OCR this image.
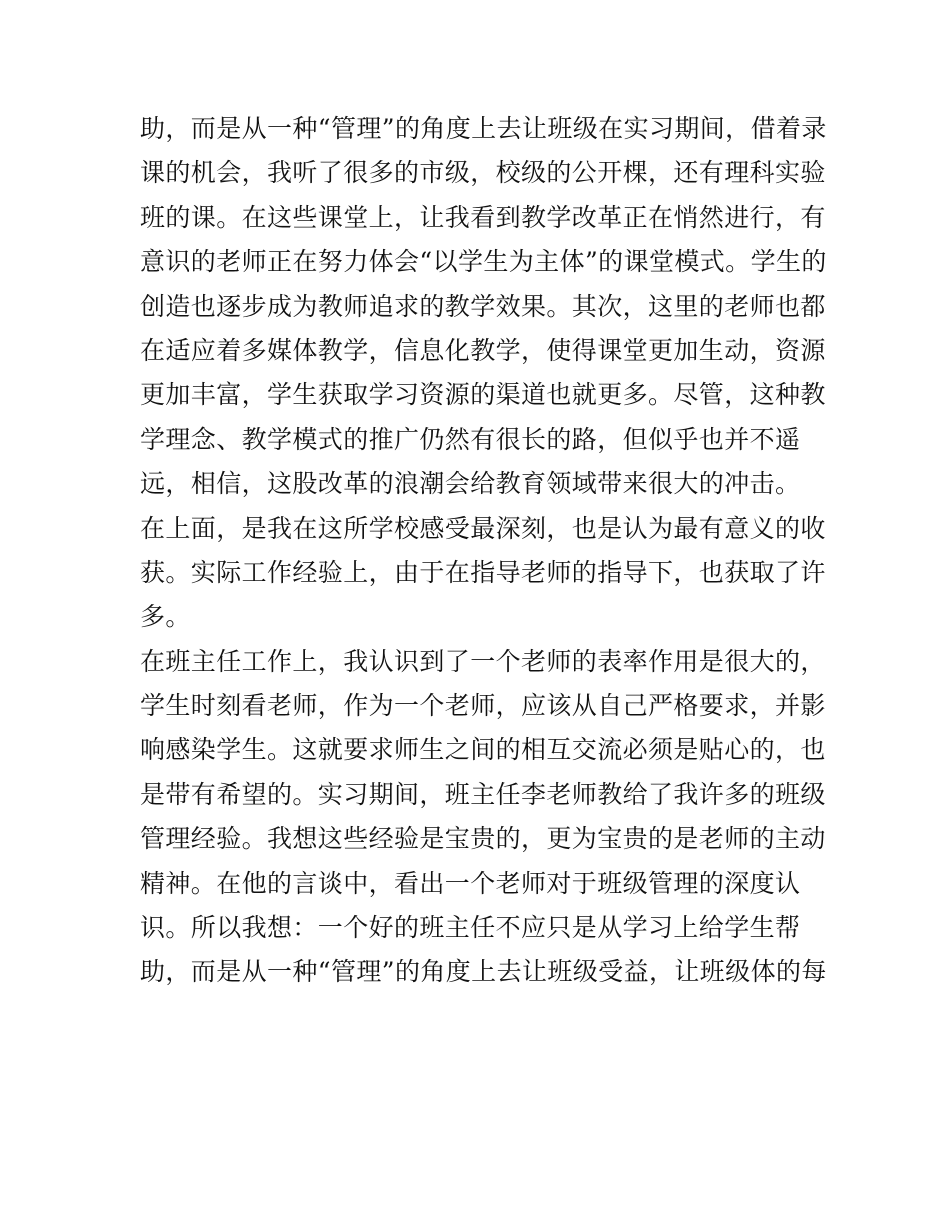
助，而是从一种“管理”的角度上去让班级在实习期间，借着录
课的机会，我听了很多的市级，校级的公开棵，还有理科实验
班的课。在这些课堂上，让我看到教学改革正在悄然进行，有
意识的老师正在努力体会“以学生为主体”的课堂模式。学生的
创造也逐步成为教师追求的教学效果。其次，这里的老师也都
在适应着多媒体教学，信息化教学，使得课堂更加生动，资源
更加丰富，学生获取学习资源的渠道也就更多。尽管，这种教
学理念、教学模式的推广仍然有很长的路，但似乎也并不遥
远，相信，这股改革的浪潮会给教育领域带来很大的冲击。
在上面，是我在这所学校感受最深刻，也是认为最有意义的收
获。实际工作经验上，由于在指导老师的指导下，也获取了许
多。
在班主任工作上，我认识到了一个老师的表率作用是很大的，
学生时刻看老师，作为一个老师，应该从自己严格要求，并影
响感染学生。这就要求师生之间的相互交流必须是贴心的，也
是带有希望的。实习期间，班主任李老师教给了我许多的班级
管理经验。我想这些经验是宝贵的，更为宝贵的是老师的主动
精神。在他的言谈中，看出一个老师对于班级管理的深度认
识。所以我想：一个好的班主任不应只是从学习上给学生帮
助，而是从一种“管理”的角度上去让班级受益，让班级体的每
